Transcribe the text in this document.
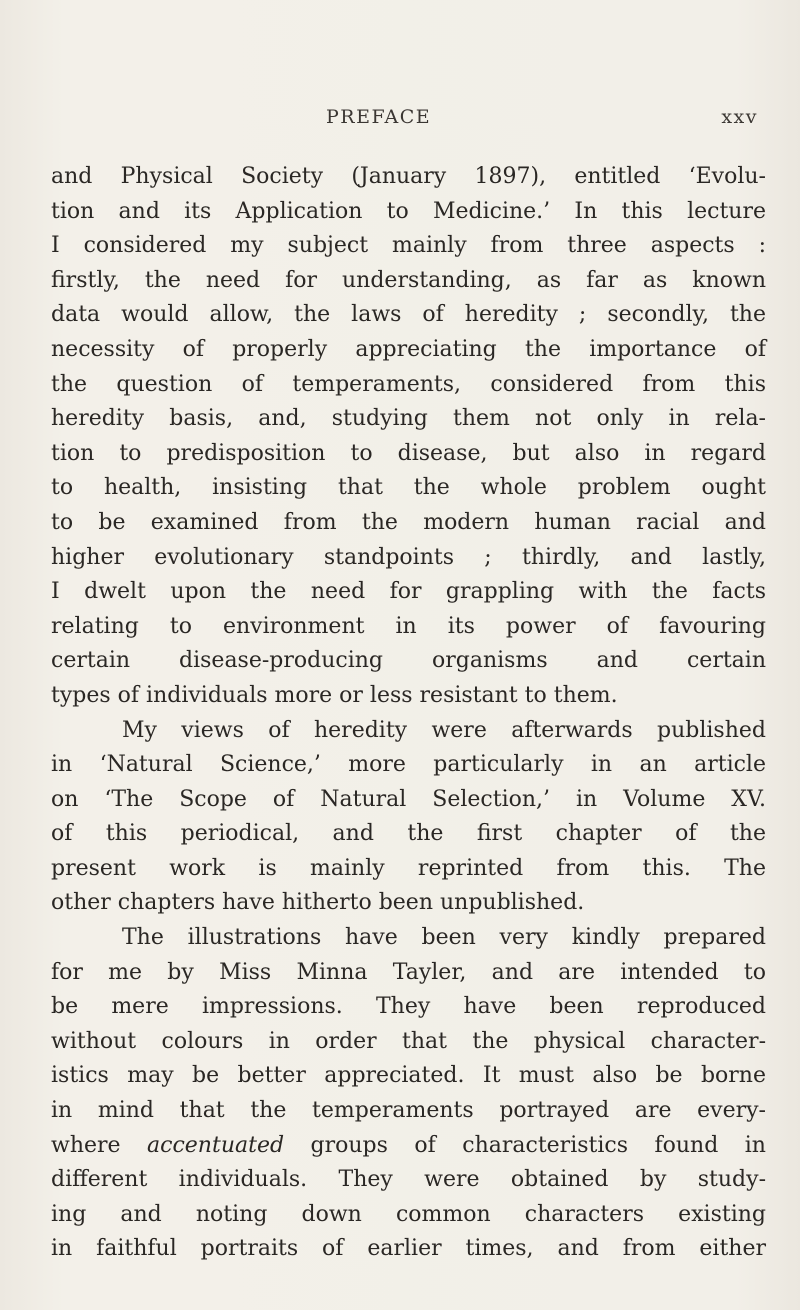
PREFACE	xxv
and Physical Society (January 1897), entitled ‘Evolu-
tion and its Application to Medicine.’ In this lecture
I considered my subject mainly from three aspects :
firstly, the need for understanding, as far as known
data would allow, the laws of heredity ; secondly, the
necessity of properly appreciating the importance of
the question of temperaments, considered from this
heredity basis, and, studying them not only in rela-
tion to predisposition to disease, but also in regard
to health, insisting that the whole problem ought
to be examined from the modern human racial and
higher evolutionary standpoints ; thirdly, and lastly,
I dwelt upon the need for grappling with the facts
relating to environment in its power of favouring
certain disease-producing organisms and certain
types of individuals more or less resistant to them.
My views of heredity were afterwards published
in ‘Natural Science,’ more particularly in an article
on ‘The Scope of Natural Selection,’ in Volume XV.
of this periodical, and the first chapter of the
present work is mainly reprinted from this. The
other chapters have hitherto been unpublished.
The illustrations have been very kindly prepared
for me by Miss Minna Tayler, and are intended to
be mere impressions. They have been reproduced
without colours in order that the physical character-
istics may be better appreciated. It must also be borne
in mind that the temperaments portrayed are every-
where accentuated groups of characteristics found in
different individuals. They were obtained by study-
ing and noting down common characters existing
in faithful portraits of earlier times, and from either
